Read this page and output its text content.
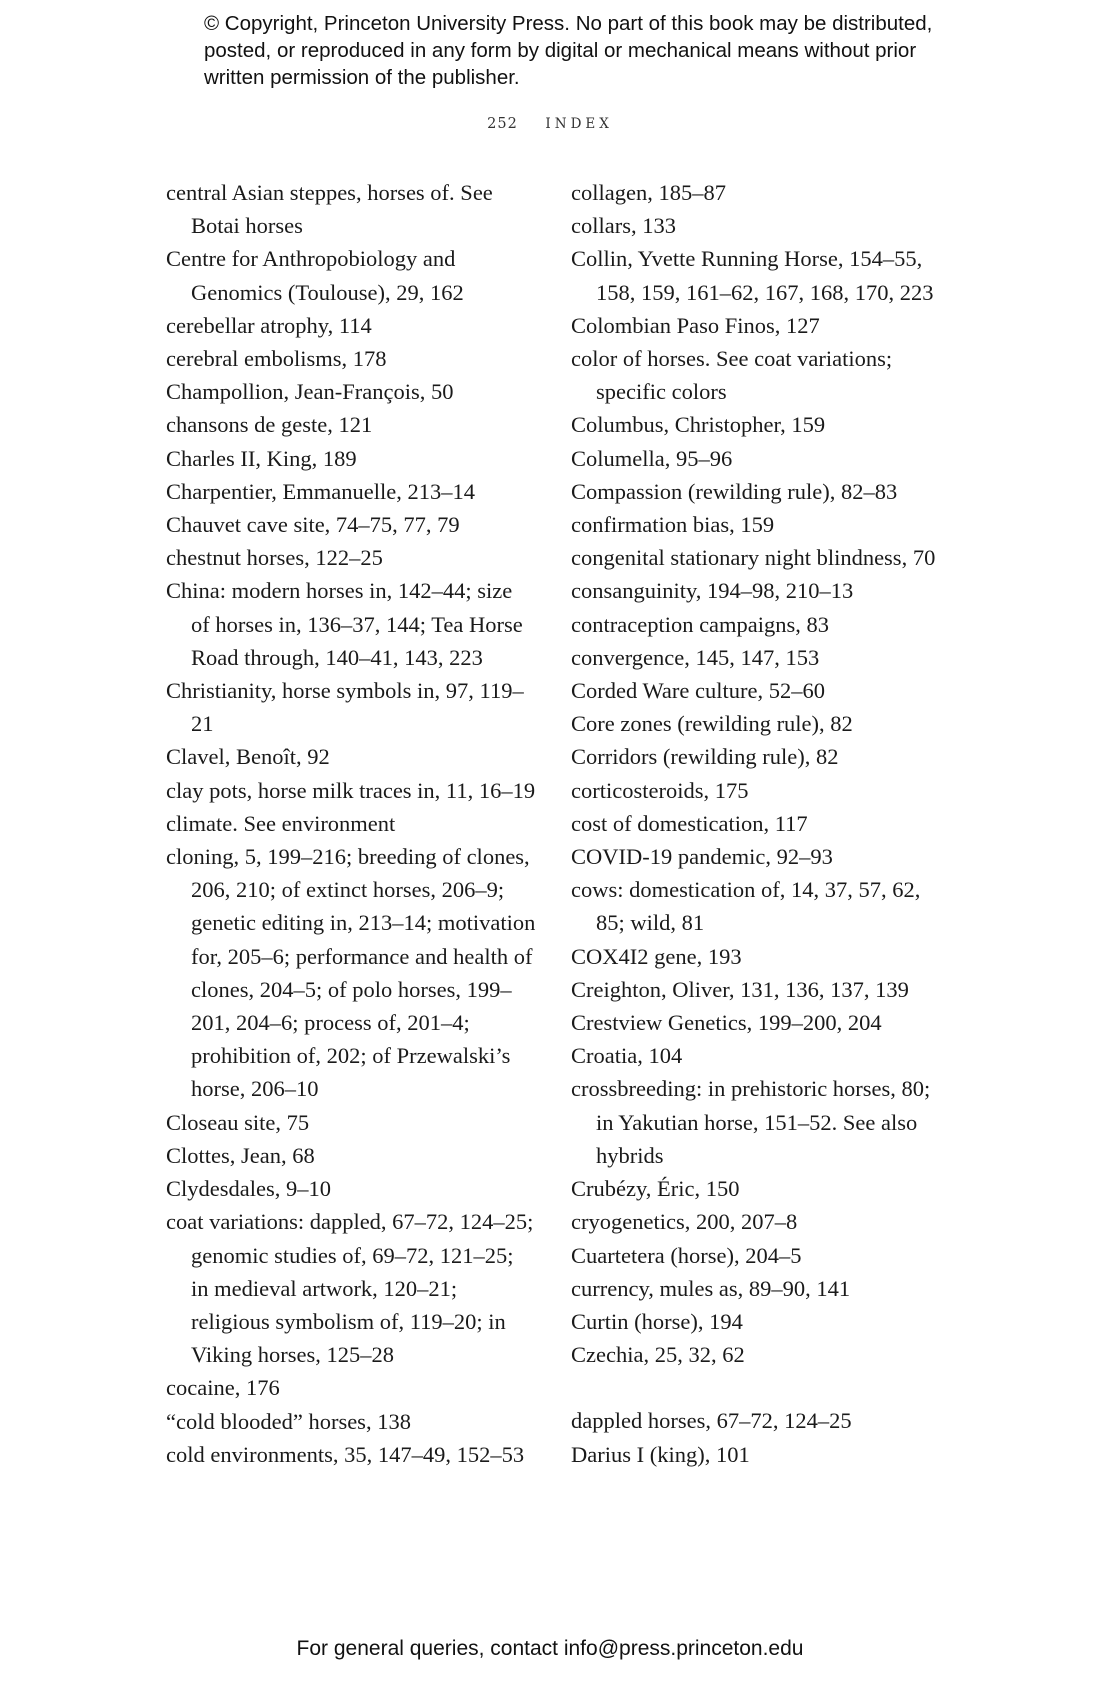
© Copyright, Princeton University Press. No part of this book may be distributed, posted, or reproduced in any form by digital or mechanical means without prior written permission of the publisher.
252 INDEX
central Asian steppes, horses of. See Botai horses
Centre for Anthropobiology and Genomics (Toulouse), 29, 162
cerebellar atrophy, 114
cerebral embolisms, 178
Champollion, Jean-François, 50
chansons de geste, 121
Charles II, King, 189
Charpentier, Emmanuelle, 213–14
Chauvet cave site, 74–75, 77, 79
chestnut horses, 122–25
China: modern horses in, 142–44; size of horses in, 136–37, 144; Tea Horse Road through, 140–41, 143, 223
Christianity, horse symbols in, 97, 119–21
Clavel, Benoît, 92
clay pots, horse milk traces in, 11, 16–19
climate. See environment
cloning, 5, 199–216; breeding of clones, 206, 210; of extinct horses, 206–9; genetic editing in, 213–14; motivation for, 205–6; performance and health of clones, 204–5; of polo horses, 199–201, 204–6; process of, 201–4; prohibition of, 202; of Przewalski’s horse, 206–10
Closeau site, 75
Clottes, Jean, 68
Clydesdales, 9–10
coat variations: dappled, 67–72, 124–25; genomic studies of, 69–72, 121–25; in medieval artwork, 120–21; religious symbolism of, 119–20; in Viking horses, 125–28
cocaine, 176
“cold blooded” horses, 138
cold environments, 35, 147–49, 152–53
collagen, 185–87
collars, 133
Collin, Yvette Running Horse, 154–55, 158, 159, 161–62, 167, 168, 170, 223
Colombian Paso Finos, 127
color of horses. See coat variations; specific colors
Columbus, Christopher, 159
Columella, 95–96
Compassion (rewilding rule), 82–83
confirmation bias, 159
congenital stationary night blindness, 70
consanguinity, 194–98, 210–13
contraception campaigns, 83
convergence, 145, 147, 153
Corded Ware culture, 52–60
Core zones (rewilding rule), 82
Corridors (rewilding rule), 82
corticosteroids, 175
cost of domestication, 117
COVID-19 pandemic, 92–93
cows: domestication of, 14, 37, 57, 62, 85; wild, 81
COX4I2 gene, 193
Creighton, Oliver, 131, 136, 137, 139
Crestview Genetics, 199–200, 204
Croatia, 104
crossbreeding: in prehistoric horses, 80; in Yakutian horse, 151–52. See also hybrids
Crubézy, Éric, 150
cryogenetics, 200, 207–8
Cuartetera (horse), 204–5
currency, mules as, 89–90, 141
Curtin (horse), 194
Czechia, 25, 32, 62
dappled horses, 67–72, 124–25
Darius I (king), 101
For general queries, contact info@press.princeton.edu
